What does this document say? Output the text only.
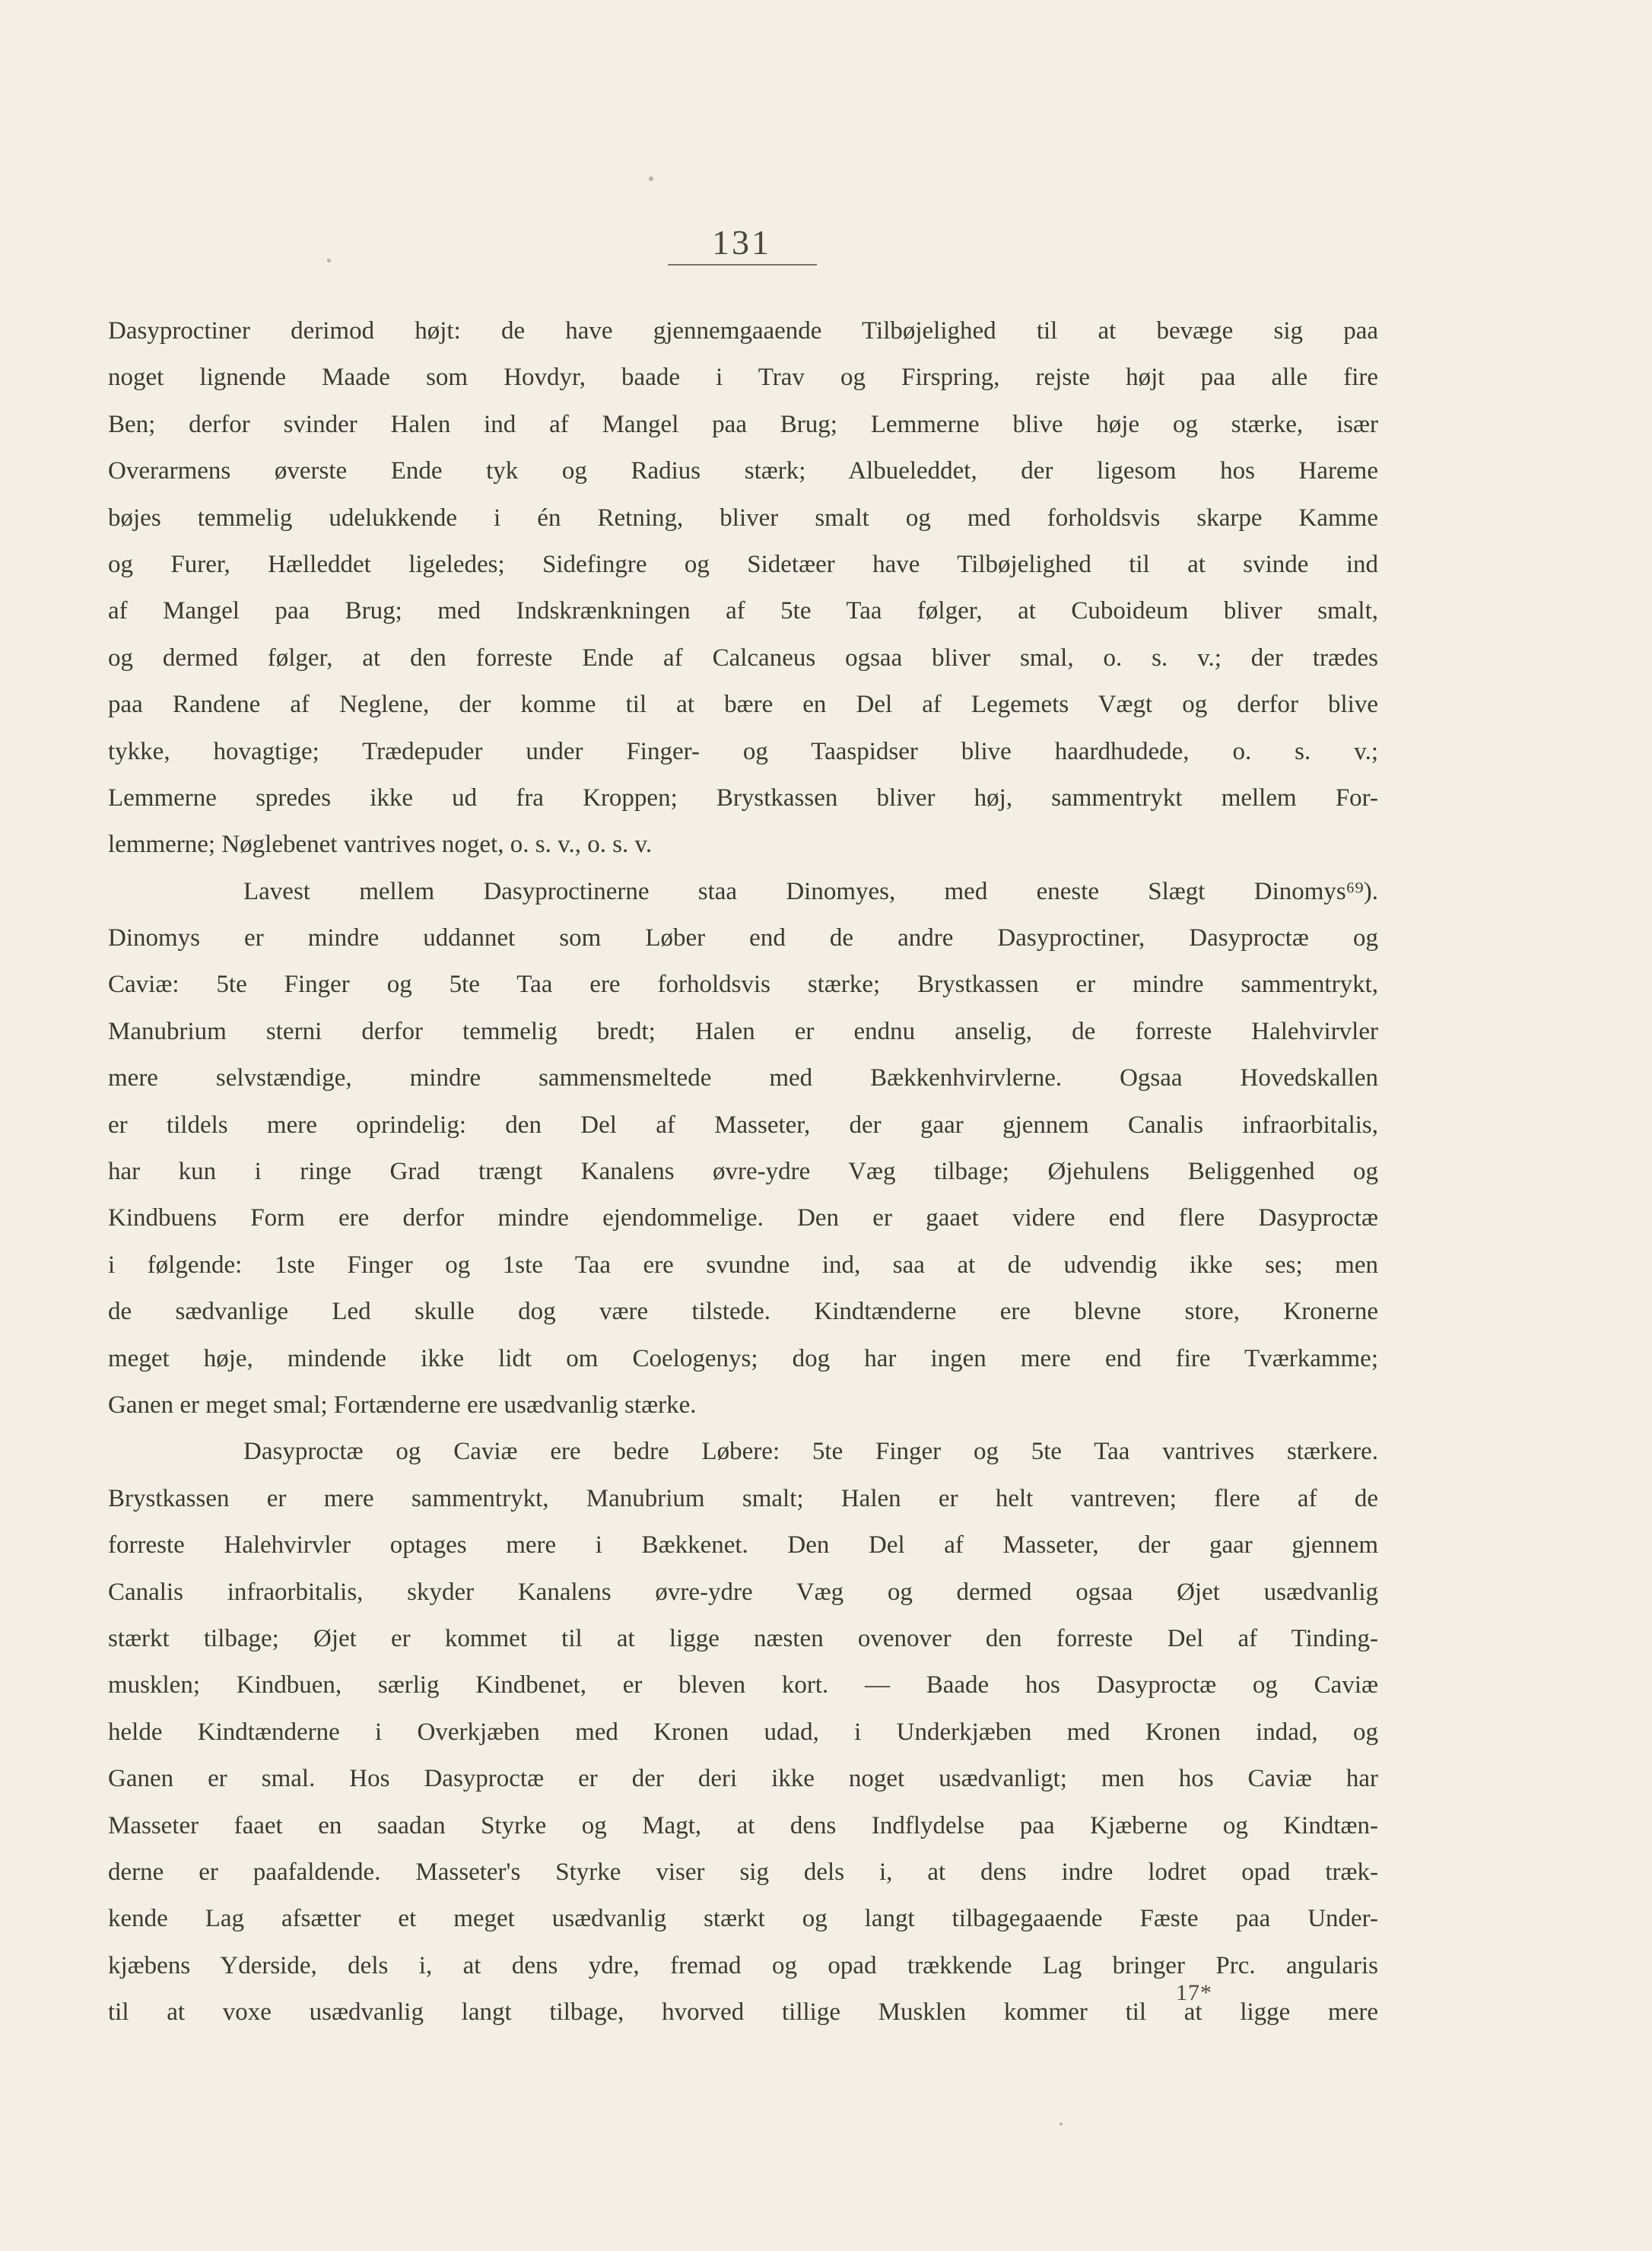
131
Dasyproctiner derimod højt: de have gjennemgaaende Tilbøjelighed til at bevæge sig paa
noget lignende Maade som Hovdyr, baade i Trav og Firspring, rejste højt paa alle fire
Ben; derfor svinder Halen ind af Mangel paa Brug; Lemmerne blive høje og stærke, især
Overarmens øverste Ende tyk og Radius stærk; Albueleddet, der ligesom hos Hareme
bøjes temmelig udelukkende i én Retning, bliver smalt og med forholdsvis skarpe Kamme
og Furer, Hælleddet ligeledes; Sidefingre og Sidetæer have Tilbøjelighed til at svinde ind
af Mangel paa Brug; med Indskrænkningen af 5te Taa følger, at Cuboideum bliver smalt,
og dermed følger, at den forreste Ende af Calcaneus ogsaa bliver smal, o. s. v.; der trædes
paa Randene af Neglene, der komme til at bære en Del af Legemets Vægt og derfor blive
tykke, hovagtige; Trædepuder under Finger- og Taaspidser blive haardhudede, o. s. v.;
Lemmerne spredes ikke ud fra Kroppen; Brystkassen bliver høj, sammentrykt mellem For-
lemmerne; Nøglebenet vantrives noget, o. s. v., o. s. v.
Lavest mellem Dasyproctinerne staa Dinomyes, med eneste Slægt Dinomys⁶⁹).
Dinomys er mindre uddannet som Løber end de andre Dasyproctiner, Dasyproctæ og
Caviæ: 5te Finger og 5te Taa ere forholdsvis stærke; Brystkassen er mindre sammentrykt,
Manubrium sterni derfor temmelig bredt; Halen er endnu anselig, de forreste Halehvirvler
mere selvstændige, mindre sammensmeltede med Bækkenhvirvlerne. Ogsaa Hovedskallen
er tildels mere oprindelig: den Del af Masseter, der gaar gjennem Canalis infraorbitalis,
har kun i ringe Grad trængt Kanalens øvre-ydre Væg tilbage; Øjehulens Beliggenhed og
Kindbuens Form ere derfor mindre ejendommelige. Den er gaaet videre end flere Dasyproctæ
i følgende: 1ste Finger og 1ste Taa ere svundne ind, saa at de udvendig ikke ses; men
de sædvanlige Led skulle dog være tilstede. Kindtænderne ere blevne store, Kronerne
meget høje, mindende ikke lidt om Coelogenys; dog har ingen mere end fire Tværkamme;
Ganen er meget smal; Fortænderne ere usædvanlig stærke.
Dasyproctæ og Caviæ ere bedre Løbere: 5te Finger og 5te Taa vantrives stærkere.
Brystkassen er mere sammentrykt, Manubrium smalt; Halen er helt vantreven; flere af de
forreste Halehvirvler optages mere i Bækkenet. Den Del af Masseter, der gaar gjennem
Canalis infraorbitalis, skyder Kanalens øvre-ydre Væg og dermed ogsaa Øjet usædvanlig
stærkt tilbage; Øjet er kommet til at ligge næsten ovenover den forreste Del af Tinding-
musklen; Kindbuen, særlig Kindbenet, er bleven kort. — Baade hos Dasyproctæ og Caviæ
helde Kindtænderne i Overkjæben med Kronen udad, i Underkjæben med Kronen indad, og
Ganen er smal. Hos Dasyproctæ er der deri ikke noget usædvanligt; men hos Caviæ har
Masseter faaet en saadan Styrke og Magt, at dens Indflydelse paa Kjæberne og Kindtæn-
derne er paafaldende. Masseter's Styrke viser sig dels i, at dens indre lodret opad træk-
kende Lag afsætter et meget usædvanlig stærkt og langt tilbagegaaende Fæste paa Under-
kjæbens Yderside, dels i, at dens ydre, fremad og opad trækkende Lag bringer Prc. angularis
til at voxe usædvanlig langt tilbage, hvorved tillige Musklen kommer til at ligge mere
17*
